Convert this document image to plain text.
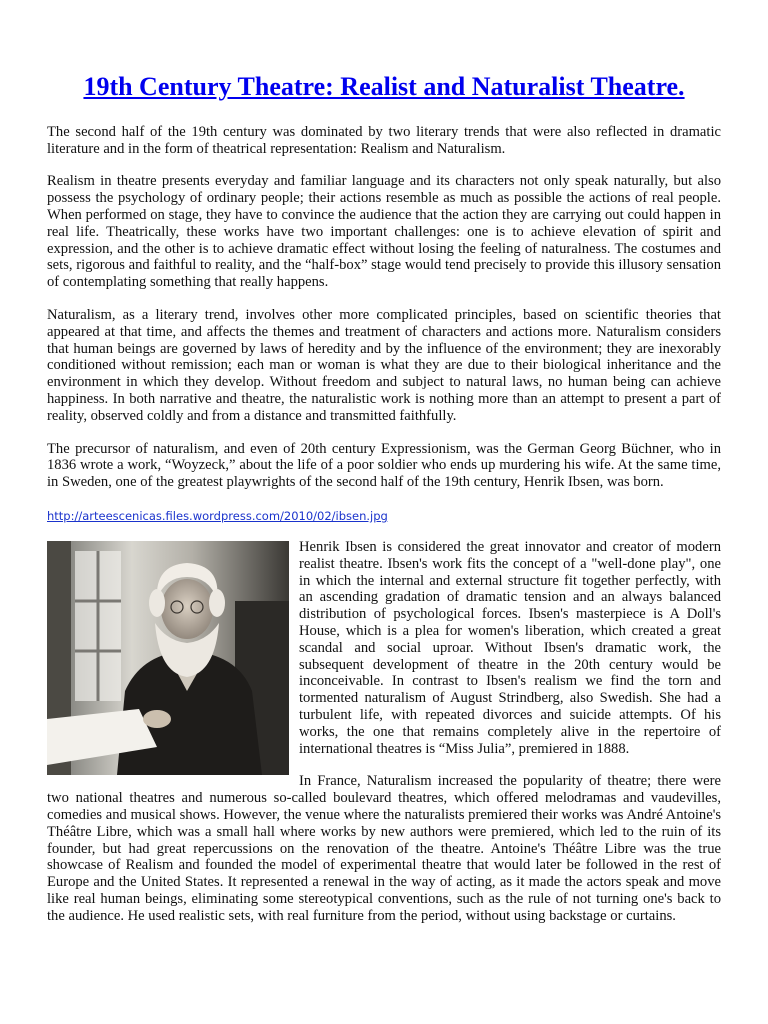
19th Century Theatre: Realist and Naturalist Theatre.

The second half of the 19th century was dominated by two literary trends that were also reflected in dramatic literature and in the form of theatrical representation: Realism and Naturalism.

Realism in theatre presents everyday and familiar language and its characters not only speak naturally, but also possess the psychology of ordinary people; their actions resemble as much as possible the actions of real people. When performed on stage, they have to convince the audience that the action they are carrying out could happen in real life. Theatrically, these works have two important challenges: one is to achieve elevation of spirit and expression, and the other is to achieve dramatic effect without losing the feeling of naturalness. The costumes and sets, rigorous and faithful to reality, and the “half-box” stage would tend precisely to provide this illusory sensation of contemplating something that really happens.

Naturalism, as a literary trend, involves other more complicated principles, based on scientific theories that appeared at that time, and affects the themes and treatment of characters and actions more. Naturalism considers that human beings are governed by laws of heredity and by the influence of the environment; they are inexorably conditioned without remission; each man or woman is what they are due to their biological inheritance and the environment in which they develop. Without freedom and subject to natural laws, no human being can achieve happiness. In both narrative and theatre, the naturalistic work is nothing more than an attempt to present a part of reality, observed coldly and from a distance and transmitted faithfully.

The precursor of naturalism, and even of 20th century Expressionism, was the German Georg Büchner, who in 1836 wrote a work, “Woyzeck,” about the life of a poor soldier who ends up murdering his wife. At the same time, in Sweden, one of the greatest playwrights of the second half of the 19th century, Henrik Ibsen, was born.

http://arteescenicas.files.wordpress.com/2010/02/ibsen.jpg

Henrik Ibsen is considered the great innovator and creator of modern realist theatre. Ibsen's work fits the concept of a "well-done play", one in which the internal and external structure fit together perfectly, with an ascending gradation of dramatic tension and an always balanced distribution of psychological forces. Ibsen's masterpiece is A Doll's House, which is a plea for women's liberation, which created a great scandal and social uproar. Without Ibsen's dramatic work, the subsequent development of theatre in the 20th century would be inconceivable. In contrast to Ibsen's realism we find the torn and tormented naturalism of August Strindberg, also Swedish. She had a turbulent life, with repeated divorces and suicide attempts. Of his works, the one that remains completely alive in the repertoire of international theatres is “Miss Julia”, premiered in 1888.

In France, Naturalism increased the popularity of theatre; there were two national theatres and numerous so-called boulevard theatres, which offered melodramas and vaudevilles, comedies and musical shows. However, the venue where the naturalists premiered their works was André Antoine's Théâtre Libre, which was a small hall where works by new authors were premiered, which led to the ruin of its founder, but had great repercussions on the renovation of the theatre. Antoine's Théâtre Libre was the true showcase of Realism and founded the model of experimental theatre that would later be followed in the rest of Europe and the United States. It represented a renewal in the way of acting, as it made the actors speak and move like real human beings, eliminating some stereotypical conventions, such as the rule of not turning one's back to the audience. He used realistic sets, with real furniture from the period, without using backstage or curtains.
